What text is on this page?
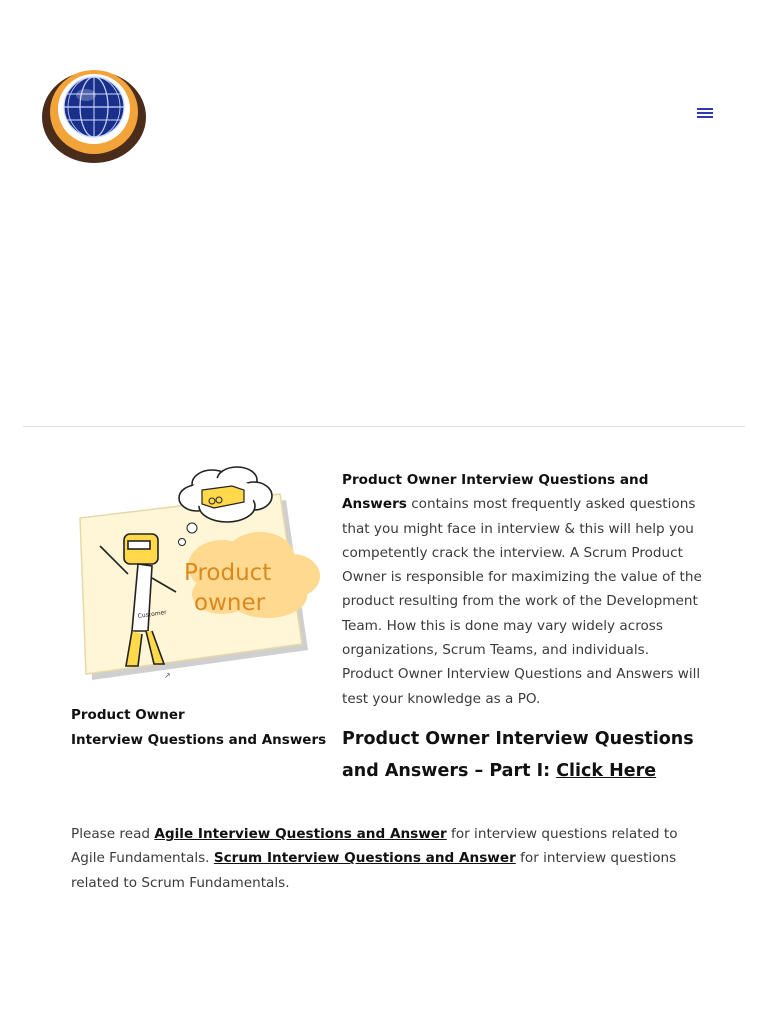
Product
owner
Customer
↗
Product Owner
Interview Questions and Answers
Product Owner Interview Questions and Answers contains most frequently asked questions that you might face in interview & this will help you competently crack the interview. A Scrum Product Owner is responsible for maximizing the value of the product resulting from the work of the Development Team. How this is done may vary widely across organizations, Scrum Teams, and individuals. Product Owner Interview Questions and Answers will test your knowledge as a PO.
Product Owner Interview Questions and Answers – Part I: Click Here
Please read Agile Interview Questions and Answer for interview questions related to Agile Fundamentals. Scrum Interview Questions and Answer for interview questions related to Scrum Fundamentals.
